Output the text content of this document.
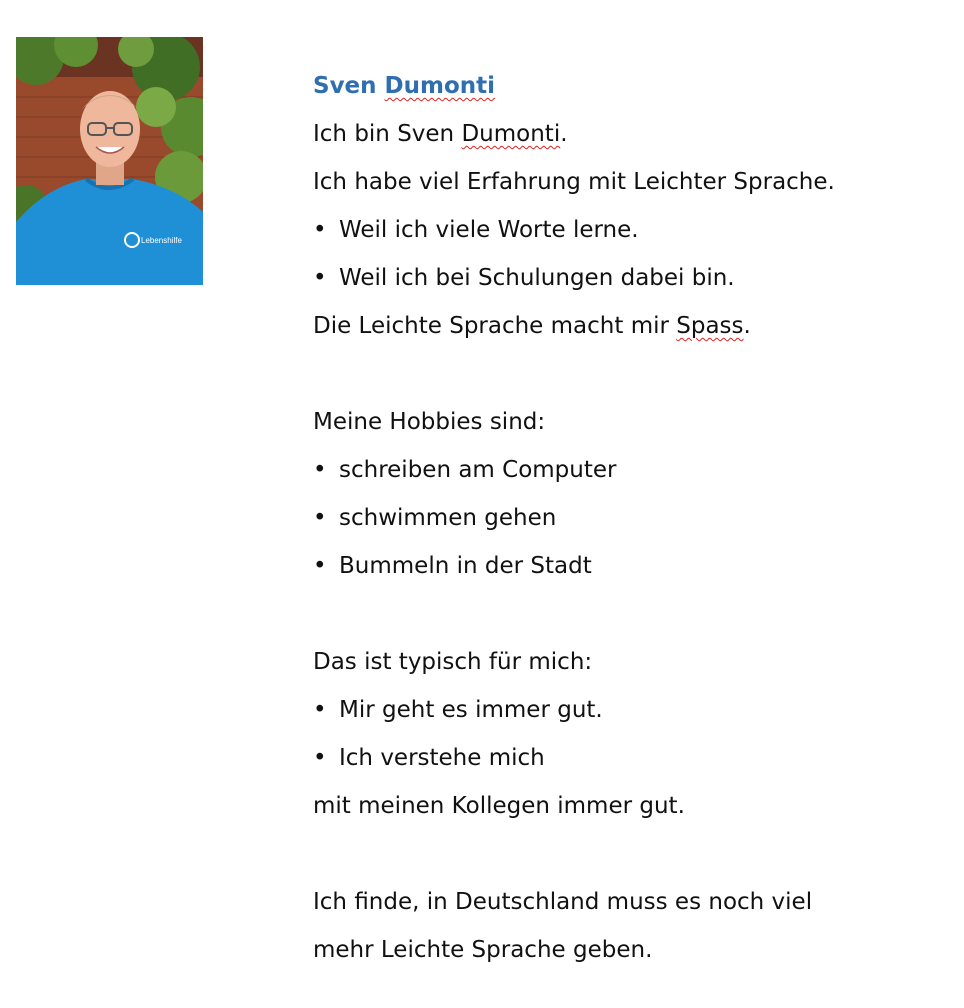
Lebenshilfe
Sven Dumonti
Ich bin Sven Dumonti.
Ich habe viel Erfahrung mit Leichter Sprache.
• Weil ich viele Worte lerne.
• Weil ich bei Schulungen dabei bin.
Die Leichte Sprache macht mir Spass.
Meine Hobbies sind:
• schreiben am Computer
• schwimmen gehen
• Bummeln in der Stadt
Das ist typisch für mich:
• Mir geht es immer gut.
• Ich verstehe mich
mit meinen Kollegen immer gut.
Ich finde, in Deutschland muss es noch viel
mehr Leichte Sprache geben.
